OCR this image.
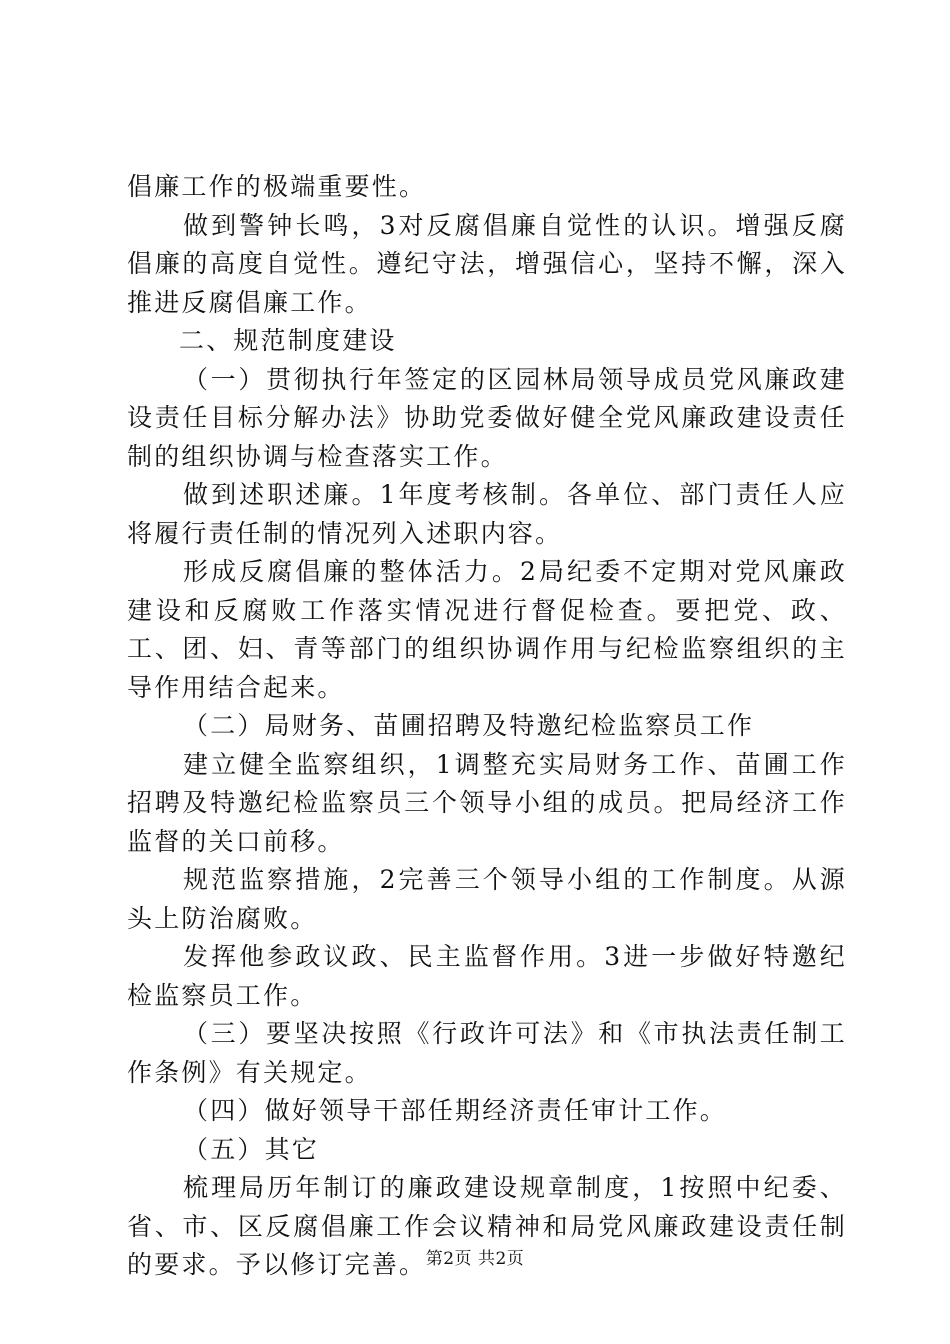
倡廉工作的极端重要性。

做到警钟长鸣，3对反腐倡廉自觉性的认识。增强反腐倡廉的高度自觉性。遵纪守法，增强信心，坚持不懈，深入推进反腐倡廉工作。

二、规范制度建设

（一）贯彻执行年签定的区园林局领导成员党风廉政建设责任目标分解办法》协助党委做好健全党风廉政建设责任制的组织协调与检查落实工作。

做到述职述廉。1年度考核制。各单位、部门责任人应将履行责任制的情况列入述职内容。

形成反腐倡廉的整体活力。2局纪委不定期对党风廉政建设和反腐败工作落实情况进行督促检查。要把党、政、工、团、妇、青等部门的组织协调作用与纪检监察组织的主导作用结合起来。

（二）局财务、苗圃招聘及特邀纪检监察员工作

建立健全监察组织，1调整充实局财务工作、苗圃工作招聘及特邀纪检监察员三个领导小组的成员。把局经济工作监督的关口前移。

规范监察措施，2完善三个领导小组的工作制度。从源头上防治腐败。

发挥他参政议政、民主监督作用。3进一步做好特邀纪检监察员工作。

（三）要坚决按照《行政许可法》和《市执法责任制工作条例》有关规定。

（四）做好领导干部任期经济责任审计工作。

（五）其它

梳理局历年制订的廉政建设规章制度，1按照中纪委、省、市、区反腐倡廉工作会议精神和局党风廉政建设责任制的要求。予以修订完善。 第2页 共2页
